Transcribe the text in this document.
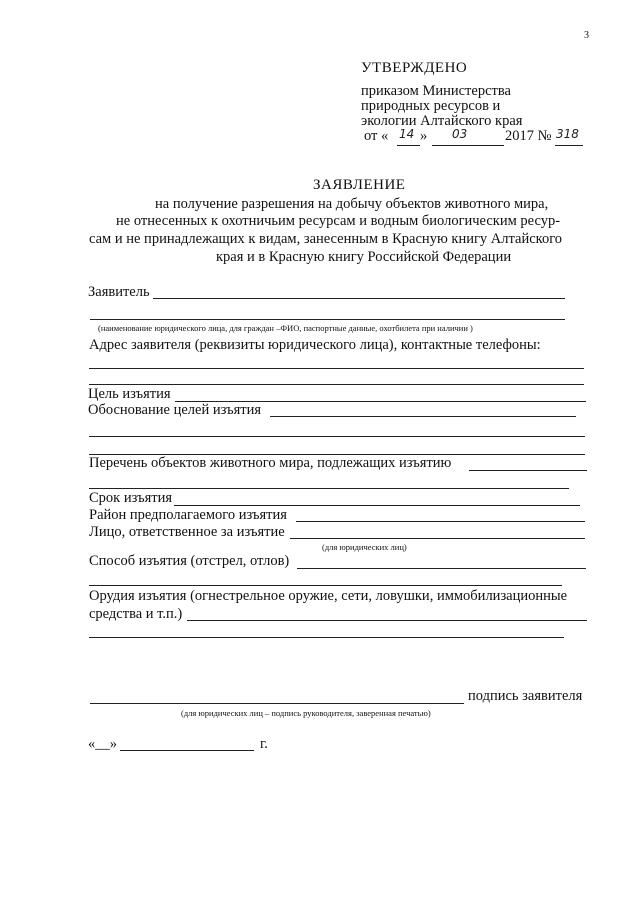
3
УТВЕРЖДЕНО
приказом Министерства
природных ресурсов и
экологии Алтайского края
от « 14 » 03	2017 № 318
ЗАЯВЛЕНИЕ
на получение разрешения на добычу объектов животного мира,
не отнесенных к охотничьим ресурсам и водным биологическим ресур-
сам и не принадлежащих к видам, занесенным в Красную книгу Алтайского
края и в Красную книгу Российской Федерации
Заявитель
(наименование юридического лица, для граждан –ФИО, паспортные данные, охотбилета при наличии )
Адрес заявителя (реквизиты юридического лица), контактные телефоны:
Цель изъятия
Обоснование целей изъятия
Перечень объектов животного мира, подлежащих изъятию
Срок изъятия
Район предполагаемого изъятия
Лицо, ответственное за изъятие
(для юридических лиц)
Способ изъятия (отстрел, отлов)
Орудия изъятия (огнестрельное оружие, сети, ловушки, иммобилизационные
средства и т.п.)
подпись заявителя
(для юридических лиц – подпись руководителя, заверенная печатью)
«__»	г.
